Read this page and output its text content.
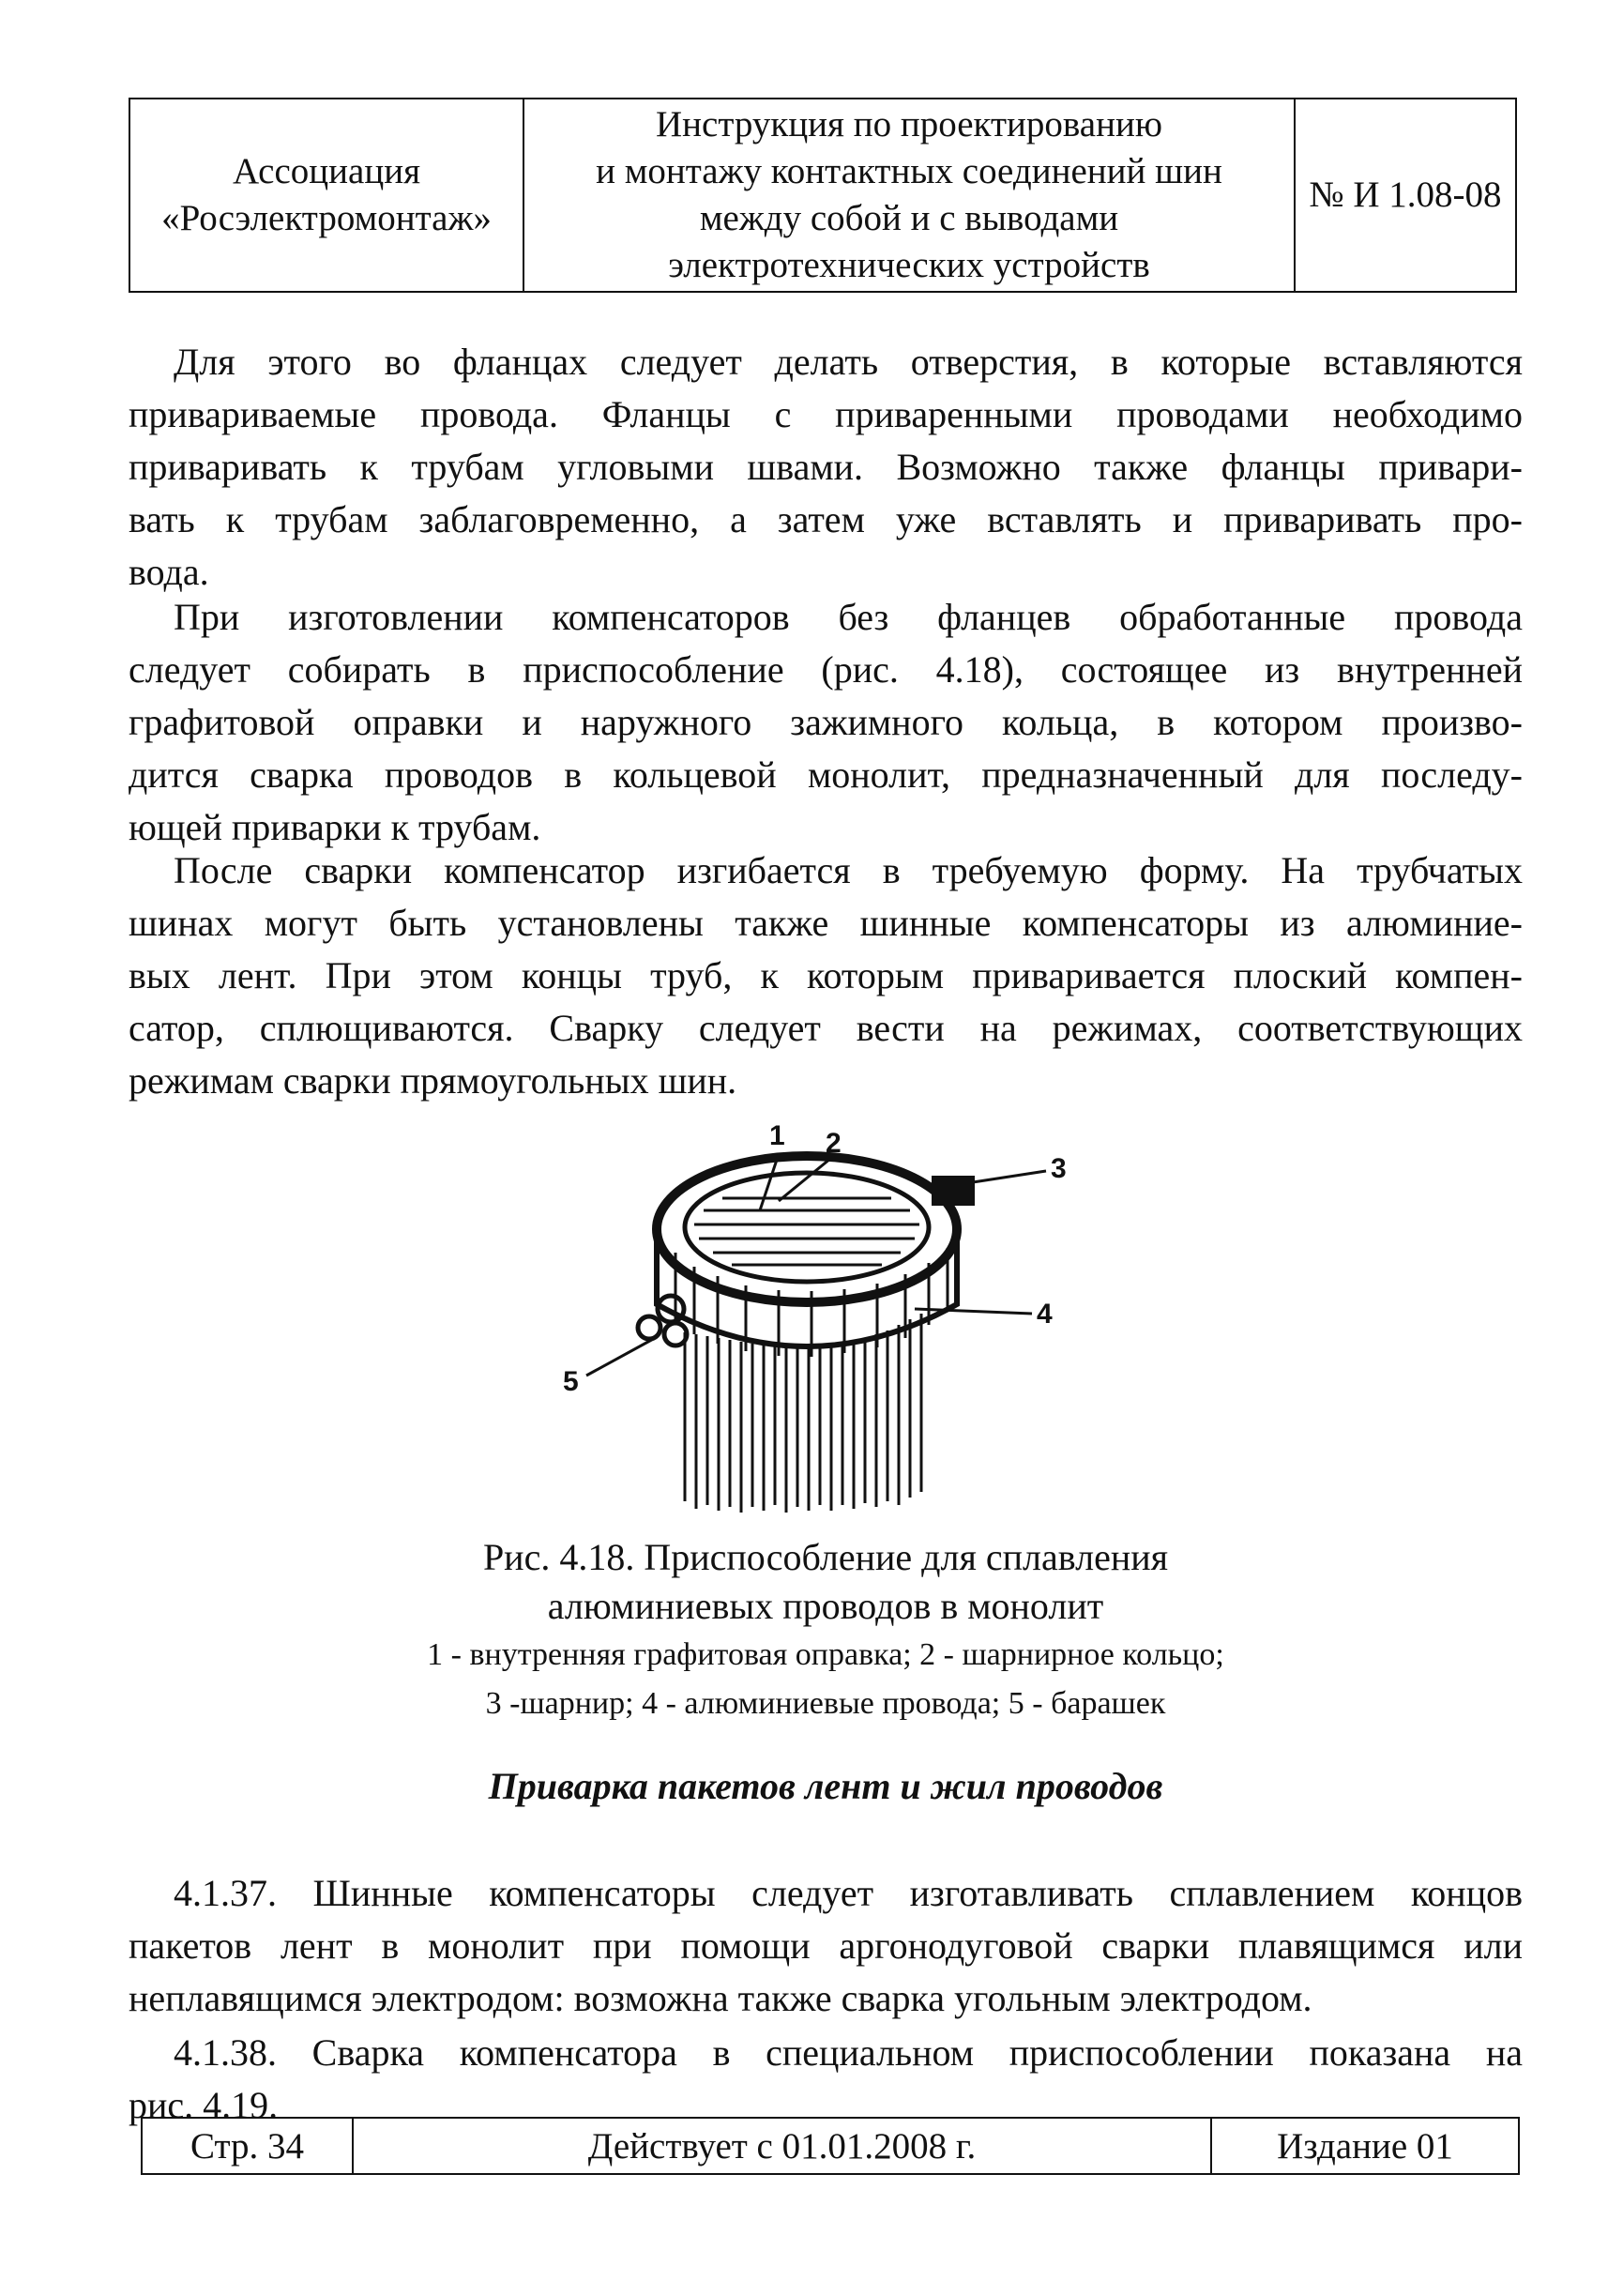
Ассоциация
«Росэлектромонтаж»
Инструкция по проектированию
и монтажу контактных соединений шин
между собой и с выводами
электротехнических устройств
№ И 1.08-08
Для этого во фланцах следует делать отверстия, в которые вставляются
привариваемые провода. Фланцы с приваренными проводами необходимо
приваривать к трубам угловыми швами. Возможно также фланцы привари-
вать к трубам заблаговременно, а затем уже вставлять и приваривать про-
вода.
При изготовлении компенсаторов без фланцев обработанные провода
следует собирать в приспособление (рис. 4.18), состоящее из внутренней
графитовой оправки и наружного зажимного кольца, в котором произво-
дится сварка проводов в кольцевой монолит, предназначенный для последу-
ющей приварки к трубам.
После сварки компенсатор изгибается в требуемую форму. На трубчатых
шинах могут быть установлены также шинные компенсаторы из алюминие-
вых лент. При этом концы труб, к которым приваривается плоский компен-
сатор, сплющиваются. Сварку следует вести на режимах, соответствующих
режимам сварки прямоугольных шин.
1 2
3
4
5
Рис. 4.18. Приспособление для сплавления
алюминиевых проводов в монолит
1 - внутренняя графитовая оправка; 2 - шарнирное кольцо;
3 -шарнир; 4 - алюминиевые провода; 5 - барашек
Приварка пакетов лент и жил проводов
4.1.37. Шинные компенсаторы следует изготавливать сплавлением концов
пакетов лент в монолит при помощи аргонодуговой сварки плавящимся или
неплавящимся электродом: возможна также сварка угольным электродом.
4.1.38. Сварка компенсатора в специальном приспособлении показана на
рис. 4.19.
Стр. 34	Действует с 01.01.2008 г.	Издание 01
